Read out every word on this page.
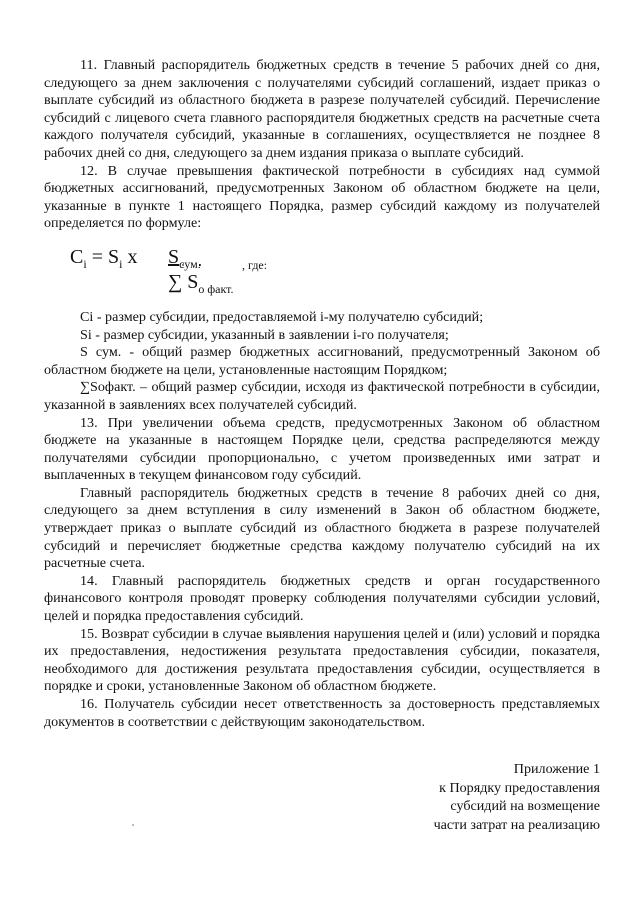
11. Главный распорядитель бюджетных средств в течение 5 рабочих дней со дня, следующего за днем заключения с получателями субсидий соглашений, издает приказ о выплате субсидий из областного бюджета в разрезе получателей субсидий. Перечисление субсидий с лицевого счета главного распорядителя бюджетных средств на расчетные счета каждого получателя субсидий, указанные в соглашениях, осуществляется не позднее 8 рабочих дней со дня, следующего за днем издания приказа о выплате субсидий.

12. В случае превышения фактической потребности в субсидиях над суммой бюджетных ассигнований, предусмотренных Законом об областном бюджете на цели, указанные в пункте 1 настоящего Порядка, размер субсидий каждому из получателей определяется по формуле:

$C_i = S_i$ x $S_{сум.}$	, где:
∑ $S_{o факт.}$

Ci - размер субсидии, предоставляемой i-му получателю субсидий;

Si - размер субсидии, указанный в заявлении i-го получателя;

S сум. - общий размер бюджетных ассигнований, предусмотренный Законом об областном бюджете на цели, установленные настоящим Порядком;

∑Sофакт. – общий размер субсидии, исходя из фактической потребности в субсидии, указанной в заявлениях всех получателей субсидий.

13. При увеличении объема средств, предусмотренных Законом об областном бюджете на указанные в настоящем Порядке цели, средства распределяются между получателями субсидии пропорционально, с учетом произведенных ими затрат и выплаченных в текущем финансовом году субсидий.

Главный распорядитель бюджетных средств в течение 8 рабочих дней со дня, следующего за днем вступления в силу изменений в Закон об областном бюджете, утверждает приказ о выплате субсидий из областного бюджета в разрезе получателей субсидий и перечисляет бюджетные средства каждому получателю субсидий на их расчетные счета.

14. Главный распорядитель бюджетных средств и орган государственного финансового контроля проводят проверку соблюдения получателями субсидии условий, целей и порядка предоставления субсидий.

15. Возврат субсидии в случае выявления нарушения целей и (или) условий и порядка их предоставления, недостижения результата предоставления субсидии, показателя, необходимого для достижения результата предоставления субсидии, осуществляется в порядке и сроки, установленные Законом об областном бюджете.

16. Получатель субсидии несет ответственность за достоверность представляемых документов в соответствии с действующим законодательством.

Приложение 1
к Порядку предоставления
субсидий на возмещение
части затрат на реализацию
